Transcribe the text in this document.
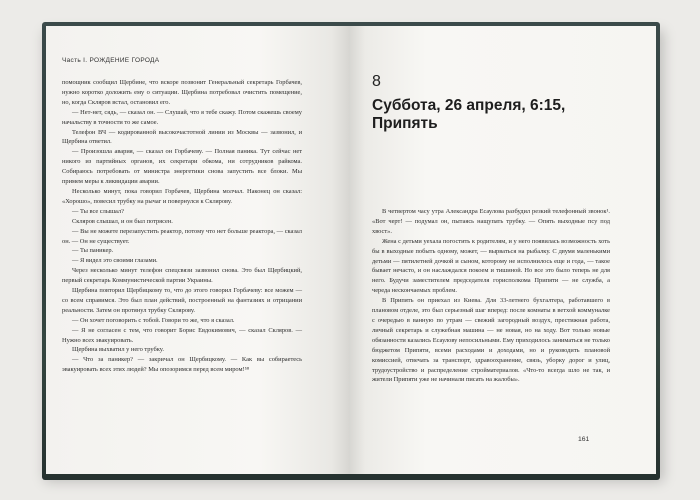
Часть I. РОЖДЕНИЕ ГОРОДА

помощник сообщил Щербине, что вскоре позвонит Генеральный секретарь Горбачев, нужно коротко доложить ему о ситуации. Щербина потребовал очистить помещение, но, когда Скляров встал, остановил его.

— Нет-нет, сядь, — сказал он. — Слушай, что я тебе скажу. Потом скажешь своему начальству в точности то же самое.

Телефон ВЧ — кодированной высокочастотной линии из Москвы — зазвонил, и Щербина ответил.

— Произошла авария, — сказал он Горбачеву. — Полная паника. Тут сейчас нет никого из партийных органов, их секретари обкома, ни сотрудников райкома. Собираюсь потребовать от министра энергетики снова запустить все блоки. Мы примем меры к ликвидации аварии.

Несколько минут, пока говорил Горбачев, Щербина молчал. Наконец он сказал: «Хорошо», повесил трубку на рычаг и повернулся к Склярову.

— Ты все слышал?

Скляров слышал, и он был потрясен.

— Вы не можете перезапустить реактор, потому что нет больше реактора, — сказал он. — Он не существует.

— Ты паникер.

— Я видел это своими глазами.

Через несколько минут телефон спецсвязи зазвонил снова. Это был Щербицкий, первый секретарь Коммунистической партии Украины.

Щербина повторил Щербицкому то, что до этого говорил Горбачеву: все можем — со всем справимся. Это был план действий, построенный на фантазиях и отрицании реальности. Затем он протянул трубку Склярову.

— Он хочет поговорить с тобой. Говори то же, что я сказал.

— Я не согласен с тем, что говорит Борис Евдокимович, — сказал Скляров. — Нужно всех эвакуировать.

Щербина выхватил у него трубку.

— Что за паникер? — закричал он Щербицкому. — Как вы собираетесь эвакуировать всех этих людей? Мы опозоримся перед всем миром!⁵⁸

8
Суббота, 26 апреля, 6:15,
Припять

В четвертом часу утра Александра Есаулова разбудил резкий телефонный звонок¹. «Вот черт! — подумал он, пытаясь нащупать трубку. — Опять выходные псу под хвост».

Жена с детьми уехала погостить к родителям, и у него появилась возможность хоть бы в выходные побыть одному, может, — вырваться на рыбалку. С двумя маленькими детьми — пятилетней дочкой и сыном, которому не исполнилось еще и года, — такое бывает нечасто, и он наслаждался покоем и тишиной. Но все это было теперь не для него. Будучи заместителем председателя горисполкома Припяти — не служба, а череда нескончаемых проблем.

В Припять он приехал из Киева. Для 33-летнего бухгалтера, работавшего в плановом отделе, это был серьезный шаг вперед: после комнаты в ветхой коммуналке с очередью в ванную по утрам — свежий загородный воздух, престижная работа, личный секретарь и служебная машина — не новая, но на ходу. Вот только новые обязанности казались Есаулову непосильными. Ему приходилось заниматься не только бюджетом Припяти, всеми расходами и доходами, но и руководить плановой комиссией, отвечать за транспорт, здравоохранение, связь, уборку дорог и улиц, трудоустройство и распределение стройматериалов. «Что-то всегда шло не так, и жители Припяти уже не начинали писать на жалобы».

161
